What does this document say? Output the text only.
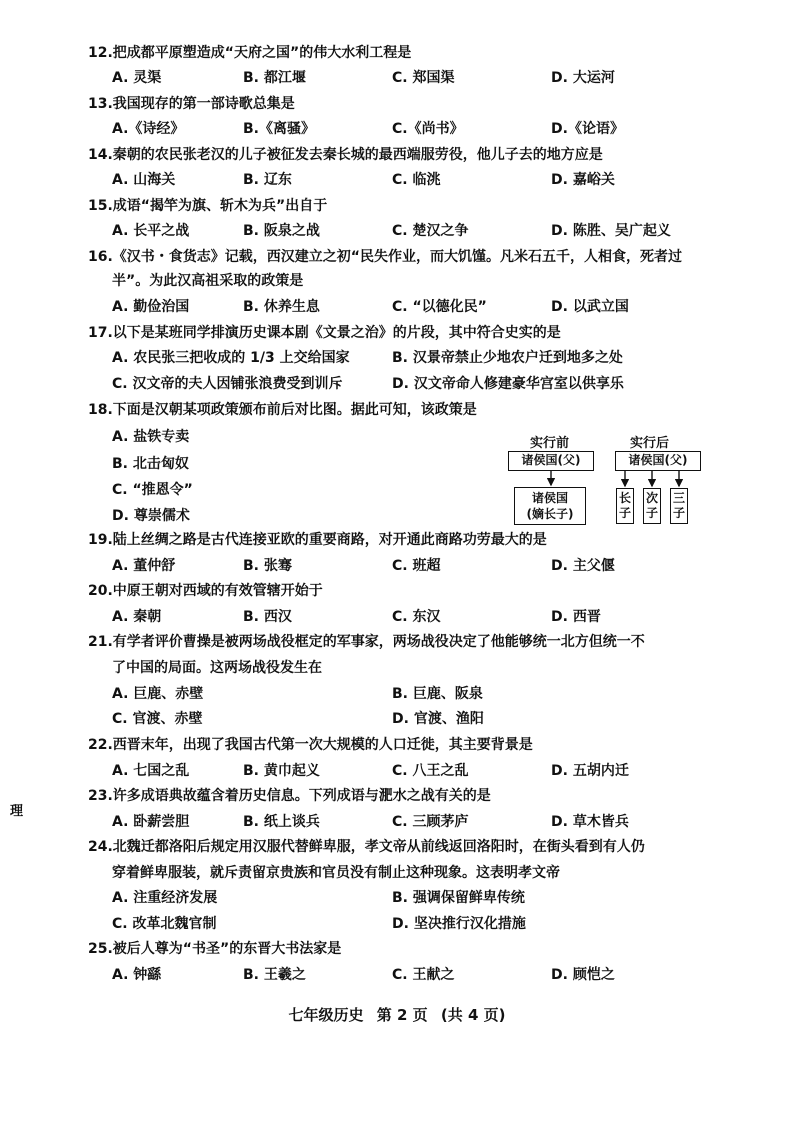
12.把成都平原塑造成“天府之国”的伟大水利工程是
A. 灵渠	B. 都江堰	C. 郑国渠	D. 大运河
13.我国现存的第一部诗歌总集是
A.《诗经》	B.《离骚》	C.《尚书》	D.《论语》
14.秦朝的农民张老汉的儿子被征发去秦长城的最西端服劳役，他儿子去的地方应是
A. 山海关	B. 辽东	C. 临洮	D. 嘉峪关
15.成语“揭竿为旗、斩木为兵”出自于
A. 长平之战	B. 阪泉之战	C. 楚汉之争	D. 陈胜、吴广起义
16.《汉书・食货志》记载，西汉建立之初“民失作业，而大饥馑。凡米石五千，人相食，死者过
半”。为此汉高祖采取的政策是
A. 勤俭治国	B. 休养生息	C. “以德化民”	D. 以武立国
17.以下是某班同学排演历史课本剧《文景之治》的片段，其中符合史实的是
A. 农民张三把收成的 1/3 上交给国家	B. 汉景帝禁止少地农户迁到地多之处
C. 汉文帝的夫人因铺张浪费受到训斥	D. 汉文帝命人修建豪华宫室以供享乐
18.下面是汉朝某项政策颁布前后对比图。据此可知，该政策是
A. 盐铁专卖
B. 北击匈奴
C. “推恩令”
D. 尊崇儒术
实行前	实行后
诸侯国(父)	诸侯国(父)
诸侯国
(嫡长子)
长子
次子
三子
19.陆上丝绸之路是古代连接亚欧的重要商路，对开通此商路功劳最大的是
A. 董仲舒	B. 张骞	C. 班超	D. 主父偃
20.中原王朝对西域的有效管辖开始于
A. 秦朝	B. 西汉	C. 东汉	D. 西晋
21.有学者评价曹操是被两场战役框定的军事家，两场战役决定了他能够统一北方但统一不
了中国的局面。这两场战役发生在
A. 巨鹿、赤壁	B. 巨鹿、阪泉
C. 官渡、赤壁	D. 官渡、渔阳
22.西晋末年，出现了我国古代第一次大规模的人口迁徙，其主要背景是
A. 七国之乱	B. 黄巾起义	C. 八王之乱	D. 五胡内迁
23.许多成语典故蕴含着历史信息。下列成语与淝水之战有关的是
A. 卧薪尝胆	B. 纸上谈兵	C. 三顾茅庐	D. 草木皆兵
24.北魏迁都洛阳后规定用汉服代替鲜卑服，孝文帝从前线返回洛阳时，在街头看到有人仍
穿着鲜卑服装，就斥责留京贵族和官员没有制止这种现象。这表明孝文帝
A. 注重经济发展	B. 强调保留鲜卑传统
C. 改革北魏官制	D. 坚决推行汉化措施
25.被后人尊为“书圣”的东晋大书法家是
A. 钟繇	B. 王羲之	C. 王献之	D. 顾恺之
理
七年级历史 第 2 页 (共 4 页)
